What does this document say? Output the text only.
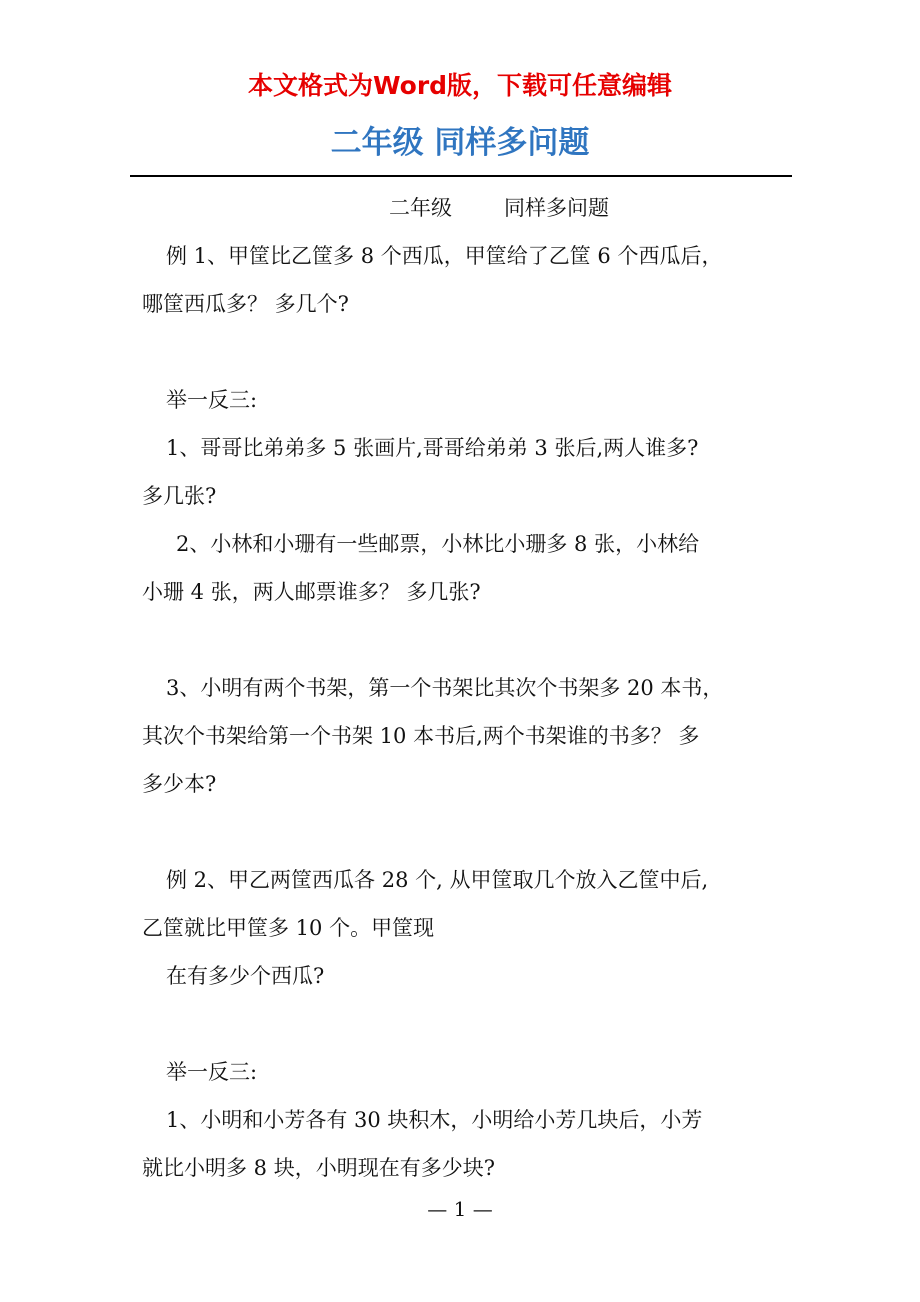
本文格式为Word版，下载可任意编辑
二年级 同样多问题

二年级 同样多问题

例 1、甲筐比乙筐多 8 个西瓜，甲筐给了乙筐 6 个西瓜后，

哪筐西瓜多？ 多几个?

举一反三:

1、哥哥比弟弟多 5 张画片,哥哥给弟弟 3 张后,两人谁多?

多几张?

2、小林和小珊有一些邮票，小林比小珊多 8 张，小林给

小珊 4 张，两人邮票谁多？ 多几张?

3、小明有两个书架，第一个书架比其次个书架多 20 本书，

其次个书架给第一个书架 10 本书后,两个书架谁的书多？ 多

多少本?

例 2、甲乙两筐西瓜各 28 个, 从甲筐取几个放入乙筐中后,

乙筐就比甲筐多 10 个。甲筐现

在有多少个西瓜?

举一反三:

1、小明和小芳各有 30 块积木，小明给小芳几块后，小芳

就比小明多 8 块，小明现在有多少块?

— 1 —
